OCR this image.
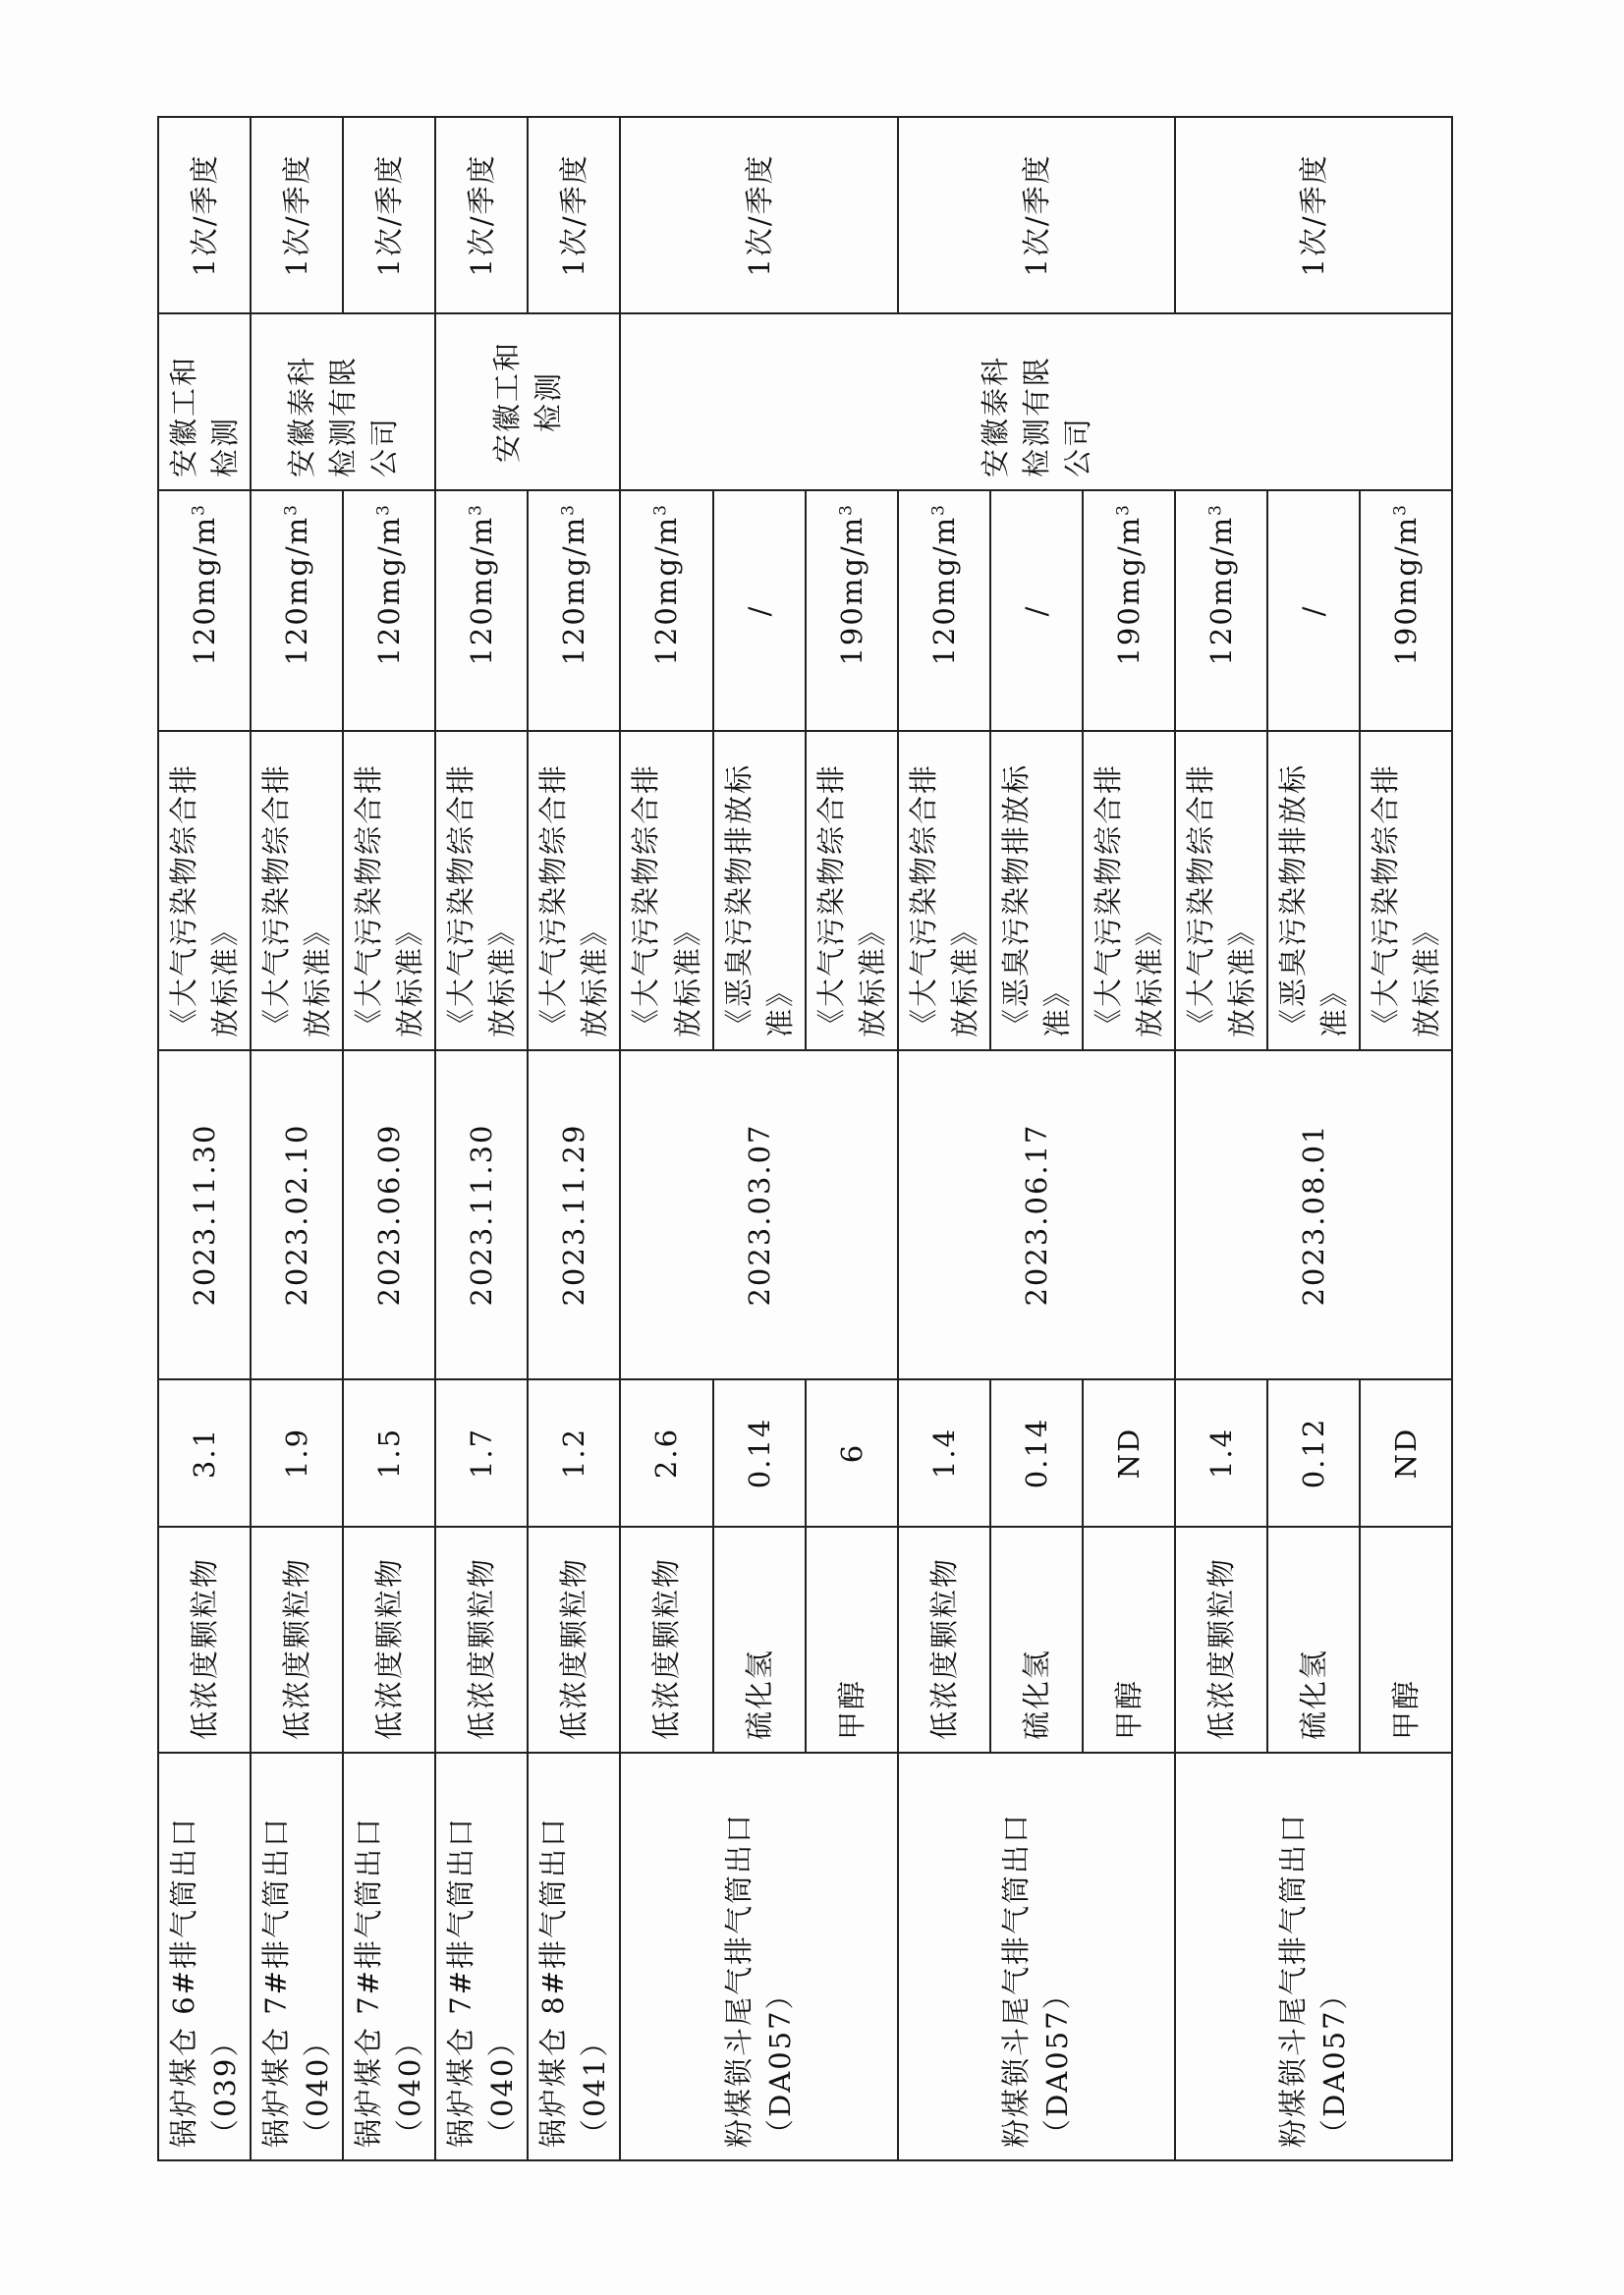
锅炉煤仓 6#排气筒出口（039）	低浓度颗粒物	3.1	2023.11.30	《大气污染物综合排放标准》	$120mg/m^3$	安徽工和检测	1次/季度
锅炉煤仓 7#排气筒出口（040）	低浓度颗粒物	1.9	2023.02.10	《大气污染物综合排放标准》	$120mg/m^3$	安徽泰科检测有限公司	1次/季度
锅炉煤仓 7#排气筒出口（040）	低浓度颗粒物	1.5	2023.06.09	《大气污染物综合排放标准》	$120mg/m^3$		1次/季度
锅炉煤仓 7#排气筒出口（040）	低浓度颗粒物	1.7	2023.11.30	《大气污染物综合排放标准》	$120mg/m^3$	安徽工和检测	1次/季度
锅炉煤仓 8#排气筒出口（041）	低浓度颗粒物	1.2	2023.11.29	《大气污染物综合排放标准》	$120mg/m^3$		1次/季度
粉煤锁斗尾气排气筒出口（DA057）	低浓度颗粒物	2.6	2023.03.07	《大气污染物综合排放标准》	$120mg/m^3$	安徽泰科检测有限公司	1次/季度
	硫化氢	0.14		《恶臭污染物排放标准》	/		
	甲醇	6		《大气污染物综合排放标准》	$190mg/m^3$
粉煤锁斗尾气排气筒出口（DA057）	低浓度颗粒物	1.4	2023.06.17	《大气污染物综合排放标准》	$120mg/m^3$		1次/季度
	硫化氢	0.14		《恶臭污染物排放标准》	/		
	甲醇	ND		《大气污染物综合排放标准》	$190mg/m^3$
粉煤锁斗尾气排气筒出口（DA057）	低浓度颗粒物	1.4	2023.08.01	《大气污染物综合排放标准》	$120mg/m^3$		1次/季度
	硫化氢	0.12		《恶臭污染物排放标准》	/		
	甲醇	ND		《大气污染物综合排放标准》	$190mg/m^3$
